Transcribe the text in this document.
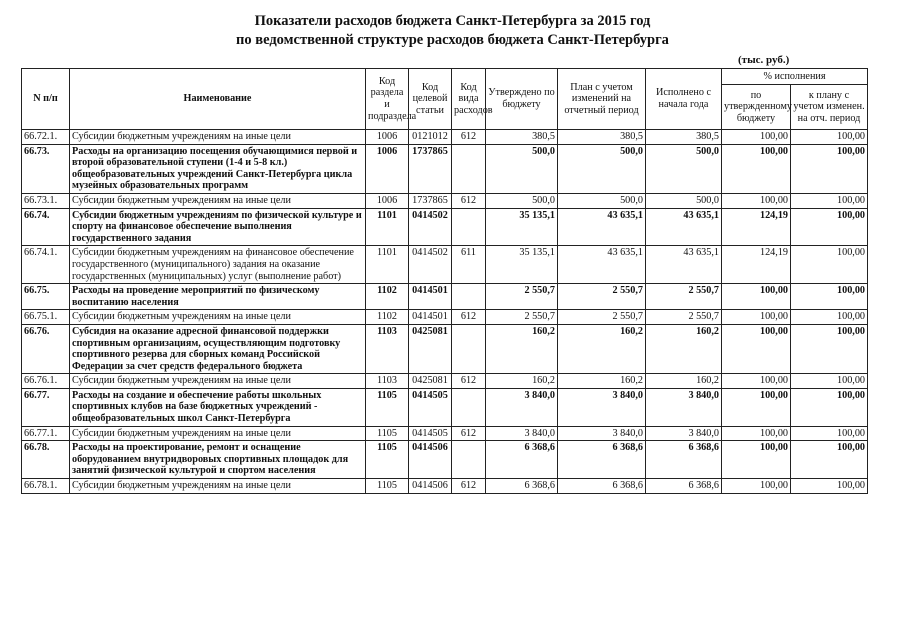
Показатели расходов бюджета Санкт-Петербурга за 2015 год
по ведомственной структуре расходов бюджета Санкт-Петербурга
(тыс. руб.)
N п/п	Наименование	Код раздела и подраздела	Код целевой статьи	Код вида расходов	Утверждено по бюджету	План с учетом изменений на отчетный период	Исполнено с начала года	% исполнения	
								по утвержденному бюджету	к плану с учетом изменен. на отч. период
66.72.1.	Субсидии бюджетным учреждениям на иные цели	1006	0121012	612	380,5	380,5	380,5	100,00	100,00
66.73.	Расходы на организацию посещения обучающимися первой и второй образовательной ступени (1-4 и 5-8 кл.) общеобразовательных учреждений Санкт-Петербурга цикла музейных образовательных программ	1006	1737865		500,0	500,0	500,0	100,00	100,00
66.73.1.	Субсидии бюджетным учреждениям на иные цели	1006	1737865	612	500,0	500,0	500,0	100,00	100,00
66.74.	Субсидии бюджетным учреждениям по физической культуре и спорту на финансовое обеспечение выполнения государственного задания	1101	0414502		35 135,1	43 635,1	43 635,1	124,19	100,00
66.74.1.	Субсидии бюджетным учреждениям на финансовое обеспечение государственного (муниципального) задания на оказание государственных (муниципальных) услуг (выполнение работ)	1101	0414502	611	35 135,1	43 635,1	43 635,1	124,19	100,00
66.75.	Расходы на проведение мероприятий по физическому воспитанию населения	1102	0414501		2 550,7	2 550,7	2 550,7	100,00	100,00
66.75.1.	Субсидии бюджетным учреждениям на иные цели	1102	0414501	612	2 550,7	2 550,7	2 550,7	100,00	100,00
66.76.	Субсидия на оказание адресной финансовой поддержки спортивным организациям, осуществляющим подготовку спортивного резерва для сборных команд Российской Федерации за счет средств федерального бюджета	1103	0425081		160,2	160,2	160,2	100,00	100,00
66.76.1.	Субсидии бюджетным учреждениям на иные цели	1103	0425081	612	160,2	160,2	160,2	100,00	100,00
66.77.	Расходы на создание и обеспечение работы школьных спортивных клубов на базе бюджетных учреждений - общеобразовательных школ Санкт-Петербурга	1105	0414505		3 840,0	3 840,0	3 840,0	100,00	100,00
66.77.1.	Субсидии бюджетным учреждениям на иные цели	1105	0414505	612	3 840,0	3 840,0	3 840,0	100,00	100,00
66.78.	Расходы на проектирование, ремонт и оснащение оборудованием внутридворовых спортивных площадок для занятий физической культурой и спортом населения	1105	0414506		6 368,6	6 368,6	6 368,6	100,00	100,00
66.78.1.	Субсидии бюджетным учреждениям на иные цели	1105	0414506	612	6 368,6	6 368,6	6 368,6	100,00	100,00
